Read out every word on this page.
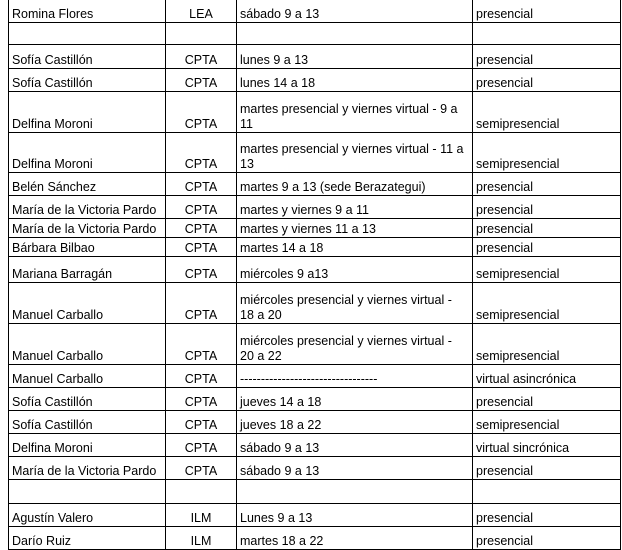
Romina Flores	LEA	sábado 9 a 13	presencial

Sofía Castillón	CPTA	lunes 9 a 13	presencial
Sofía Castillón	CPTA	lunes 14 a 18	presencial
Delfina Moroni	CPTA	martes presencial y viernes virtual - 9 a 11	semipresencial
Delfina Moroni	CPTA	martes presencial y viernes virtual - 11 a 13	semipresencial
Belén Sánchez	CPTA	martes 9 a 13 (sede Berazategui)	presencial
María de la Victoria Pardo	CPTA	martes y viernes 9 a 11	presencial
María de la Victoria Pardo	CPTA	martes y viernes 11 a 13	presencial
Bárbara Bilbao	CPTA	martes 14 a 18	presencial
Mariana Barragán	CPTA	miércoles 9 a13	semipresencial
Manuel Carballo	CPTA	miércoles presencial y viernes virtual - 18 a 20	semipresencial
Manuel Carballo	CPTA	miércoles presencial y viernes virtual - 20 a 22	semipresencial
Manuel Carballo	CPTA	---------------------------------	virtual asincrónica
Sofía Castillón	CPTA	jueves 14 a 18	presencial
Sofía Castillón	CPTA	jueves 18 a 22	semipresencial
Delfina Moroni	CPTA	sábado 9 a 13	virtual sincrónica
María de la Victoria Pardo	CPTA	sábado 9 a 13	presencial

Agustín Valero	ILM	Lunes 9 a 13	presencial
Darío Ruiz	ILM	martes 18 a 22	presencial
